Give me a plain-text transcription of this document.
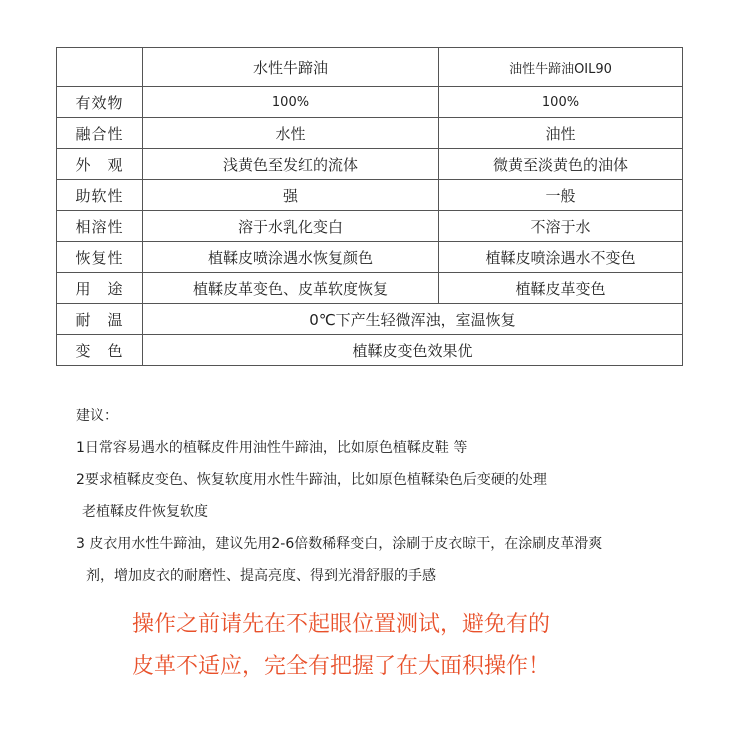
	水性牛蹄油	油性牛蹄油OIL90
有效物	100%	100%
融合性	水性	油性
外　观	浅黄色至发红的流体	微黄至淡黄色的油体
助软性	强	一般
相溶性	溶于水乳化变白	不溶于水
恢复性	植鞣皮喷涂遇水恢复颜色	植鞣皮喷涂遇水不变色
用　途	植鞣皮革变色、皮革软度恢复	植鞣皮革变色
耐　温	0℃下产生轻微浑浊，室温恢复	
变　色	植鞣皮变色效果优	
建议：
1日常容易遇水的植鞣皮件用油性牛蹄油，比如原色植鞣皮鞋 等
2要求植鞣皮变色、恢复软度用水性牛蹄油，比如原色植鞣染色后变硬的处理
老植鞣皮件恢复软度
3 皮衣用水性牛蹄油，建议先用2-6倍数稀释变白，涂刷于皮衣晾干，在涂刷皮革滑爽
剂，增加皮衣的耐磨性、提高亮度、得到光滑舒服的手感
操作之前请先在不起眼位置测试，避免有的
皮革不适应，完全有把握了在大面积操作！
